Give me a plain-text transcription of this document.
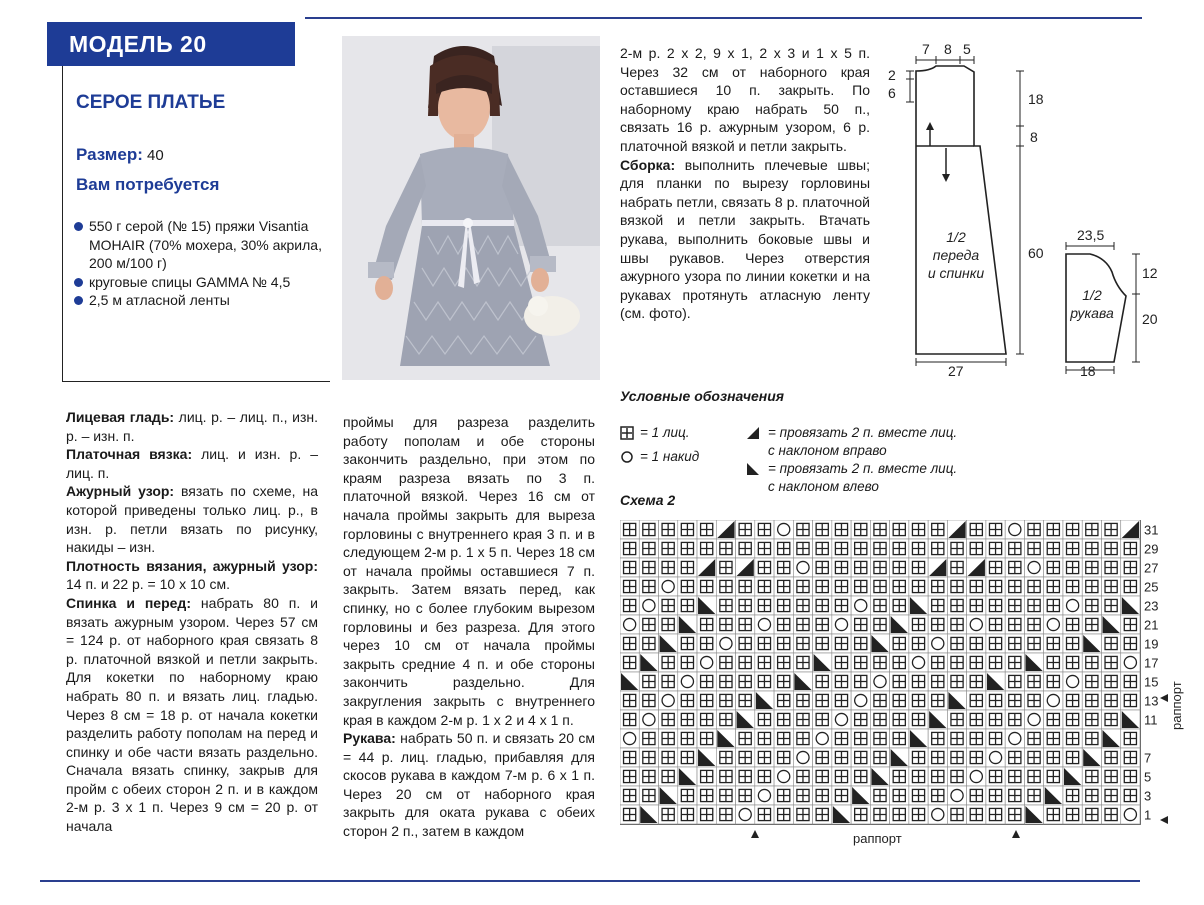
МОДЕЛЬ 20
СЕРОЕ ПЛАТЬЕ
Размер: 40
Вам потребуется
550 г серой (№ 15) пряжи Visantia MOHAIR (70% мохера, 30% акрила, 200 м/100 г)
круговые спицы GAMMA № 4,5
2,5 м атласной ленты
Лицевая гладь: лиц. р. – лиц. п., изн. р. – изн. п.
Платочная вязка: лиц. и изн. р. – лиц. п.
Ажурный узор: вязать по схеме, на которой приведены только лиц. р., в изн. р. петли вязать по рисунку, накиды – изн.
Плотность вязания, ажурный узор: 14 п. и 22 р. = 10 х 10 см.
Спинка и перед: набрать 80 п. и вязать ажурным узором. Через 57 см = 124 р. от наборного края связать 8 р. платочной вязкой и петли закрыть. Для кокетки по наборному краю набрать 80 п. и вязать лиц. гладью. Через 8 см = 18 р. от начала кокетки разделить работу пополам на перед и спинку и обе части вязать раздельно. Сначала вязать спинку, закрыв для пройм с обеих сторон 2 п. и в каждом 2-м р. 3 х 1 п. Через 9 см = 20 р. от начала
проймы для разреза разделить работу пополам и обе стороны закончить раздельно, при этом по краям разреза вязать по 3 п. платочной вязкой. Через 16 см от начала проймы закрыть для выреза горловины с внутреннего края 3 п. и в следующем 2-м р. 1 х 5 п. Через 18 см от начала проймы оставшиеся 7 п. закрыть. Затем вязать перед, как спинку, но с более глубоким вырезом горловины и без разреза. Для этого через 10 см от начала проймы закрыть средние 4 п. и обе стороны закончить раздельно. Для закругления закрыть с внутреннего края в каждом 2-м р. 1 х 2 и 4 х 1 п.
Рукава: набрать 50 п. и связать 20 см = 44 р. лиц. гладью, прибавляя для скосов рукава в каждом 7-м р. 6 х 1 п. Через 20 см от наборного края закрыть для оката рукава с обеих сторон 2 п., затем в каждом
2-м р. 2 х 2, 9 х 1, 2 х 3 и 1 х 5 п. Через 32 см от наборного края оставшиеся 10 п. закрыть. По наборному краю набрать 50 п., связать 16 р. ажурным узором, 6 р. платочной вязкой и петли закрыть.
Сборка: выполнить плечевые швы; для планки по вырезу горловины набрать петли, связать 8 р. платочной вязкой и петли закрыть. Втачать рукава, выполнить боковые швы и швы рукавов. Через отверстия ажурного узора по линии кокетки и на рукавах протянуть атласную ленту (см. фото).
7 8 5
2
6	18
8
60
27
23,5
12
20
18
1/2
переда
и спинки
1/2
рукава
Условные обозначения
= 1 лиц.
= 1 накид
= провязать 2 п. вместе лиц.
с наклоном вправо
= провязать 2 п. вместе лиц.
с наклоном влево
Схема 2
31
29
27
25
23
21
19
17
15
13
11
7
5
3
1
раппорт
раппорт
